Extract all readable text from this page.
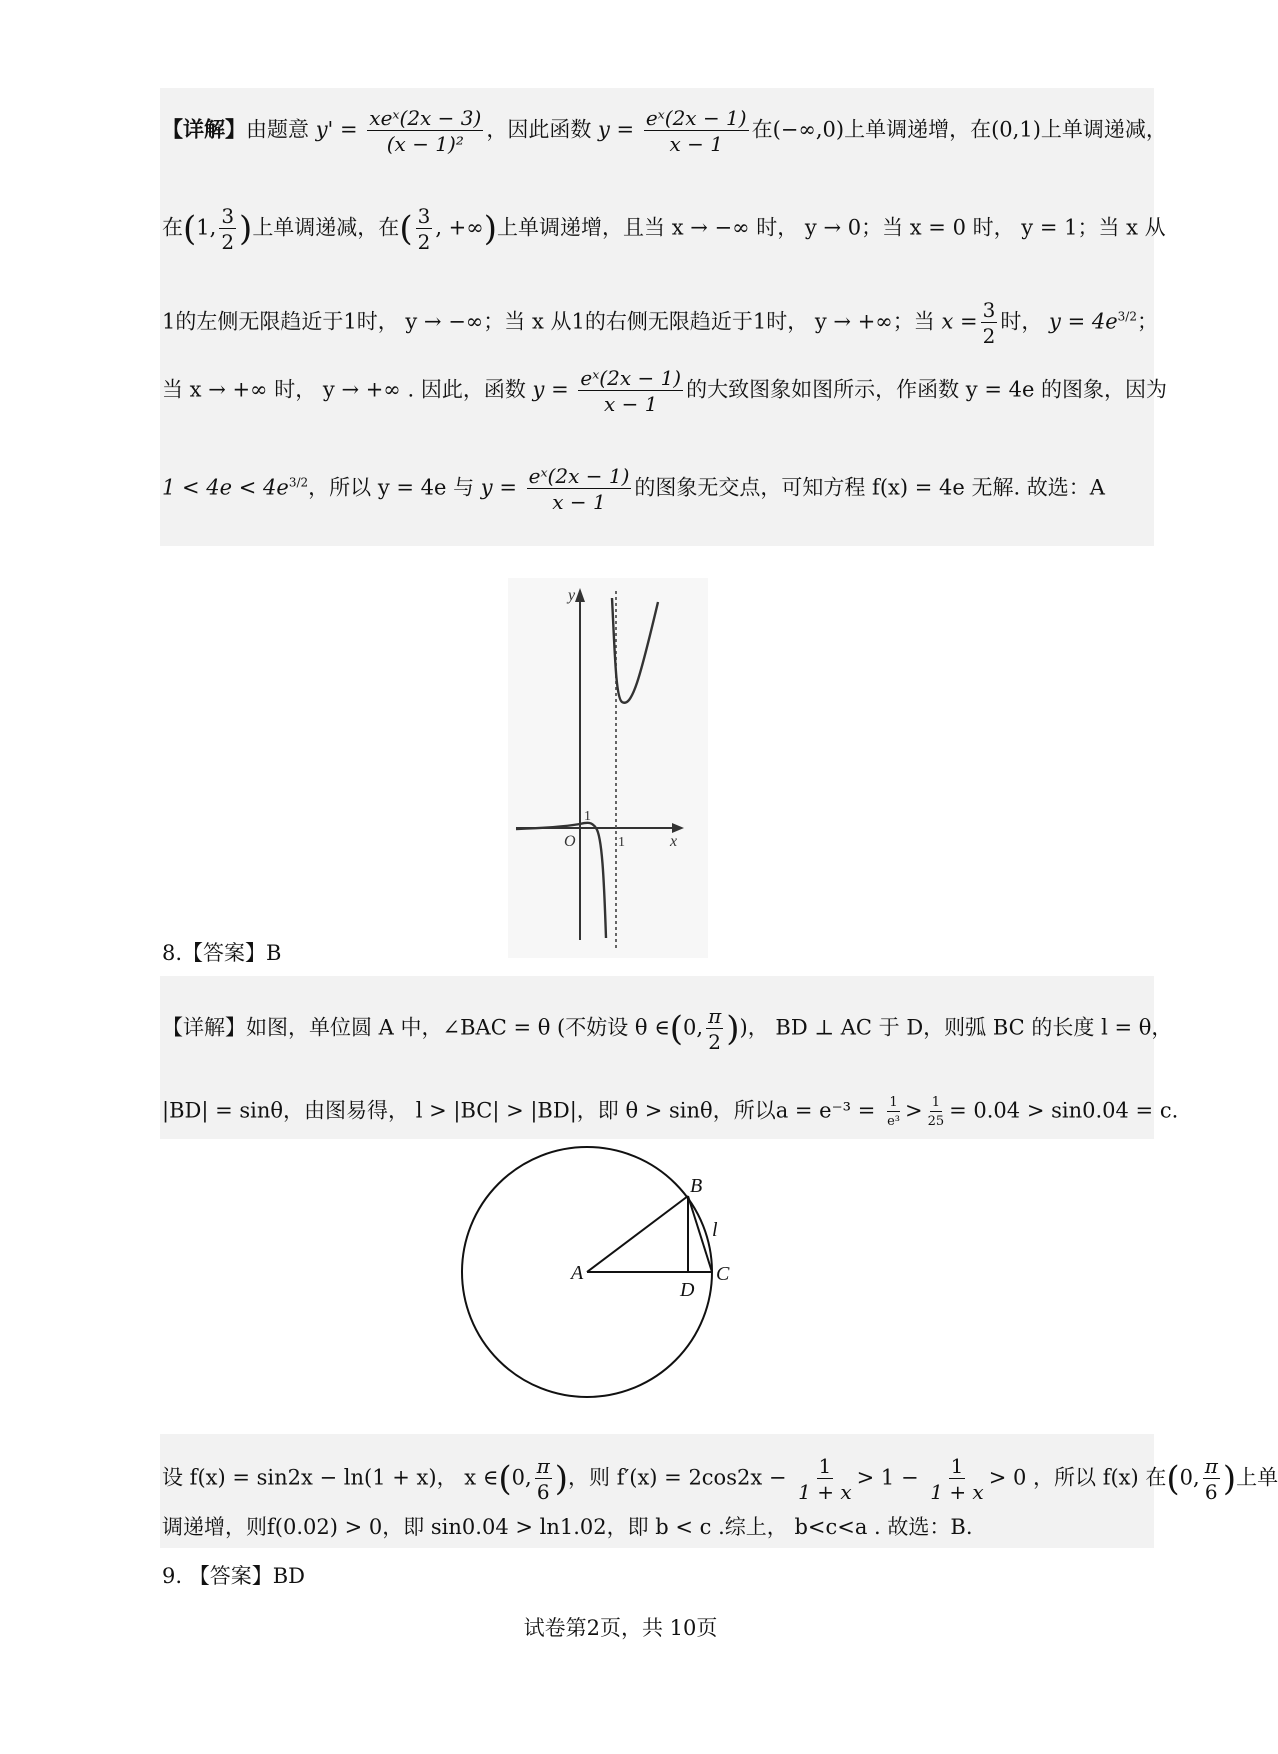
【详解】由题意 $y' = \frac{\text{xeˣ(2x − 3)}}{\text{(x − 1)²}}$ ，因此函数 $y = \frac{\text{eˣ(2x − 1)}}{x - 1}$ 在(−∞,0)上单调递增，在(0,1)上单调递减，
在(1, $\frac{3}{2}$ )上单调递减，在( $\frac{3}{2}$ , +∞)上单调递增，且当 x → −∞ 时， y → 0；当 x = 0 时， y = 1；当 x 从
1的左侧无限趋近于1时， y → −∞；当 x 从1的右侧无限趋近于1时， y → +∞；当 $x = \frac{3}{2}$ 时， $y = 4e^{3/2}$；
当 x → +∞ 时， y → +∞ . 因此，函数 $y = \frac{\text{eˣ(2x − 1)}}{x - 1}$ 的大致图象如图所示，作函数 y = 4e 的图象，因为
$1 < 4e < 4e^{3/2}$，所以 y = 4e 与 $y = \frac{\text{eˣ(2x − 1)}}{x - 1}$ 的图象无交点，可知方程 f(x) = 4e 无解. 故选：A
y
x
O	1
1
8.【答案】B
【详解】如图，单位圆 A 中，∠BAC = θ (不妨设 θ ∈(0, $\frac{\pi}{2}$ ))， BD ⊥ AC 于 D，则弧 BC 的长度 l = θ，
|BD| = sinθ，由图易得， l > |BC| > |BD|，即 θ > sinθ，所以$a = e^{-3} = \frac{1}{\text{e³}} > \frac{1}{25} = 0.04 > \sin 0.04 = c$.
A
B
C
D
l
设 f(x) = sin2x − ln(1 + x)， x ∈(0, $\frac{\pi}{6}$ )，则 $f'(x) = 2\cos 2x - \frac{1}{1 + x} > 1 - \frac{1}{1 + x} > 0$ ，所以 f(x) 在(0, $\frac{\pi}{6}$ )上单
调递增，则f(0.02) > 0，即 sin0.04 > ln1.02，即 b < c .综上， b<c<a . 故选：B.
9. 【答案】BD
试卷第2页，共 10页
本地屋
bendi5.com
